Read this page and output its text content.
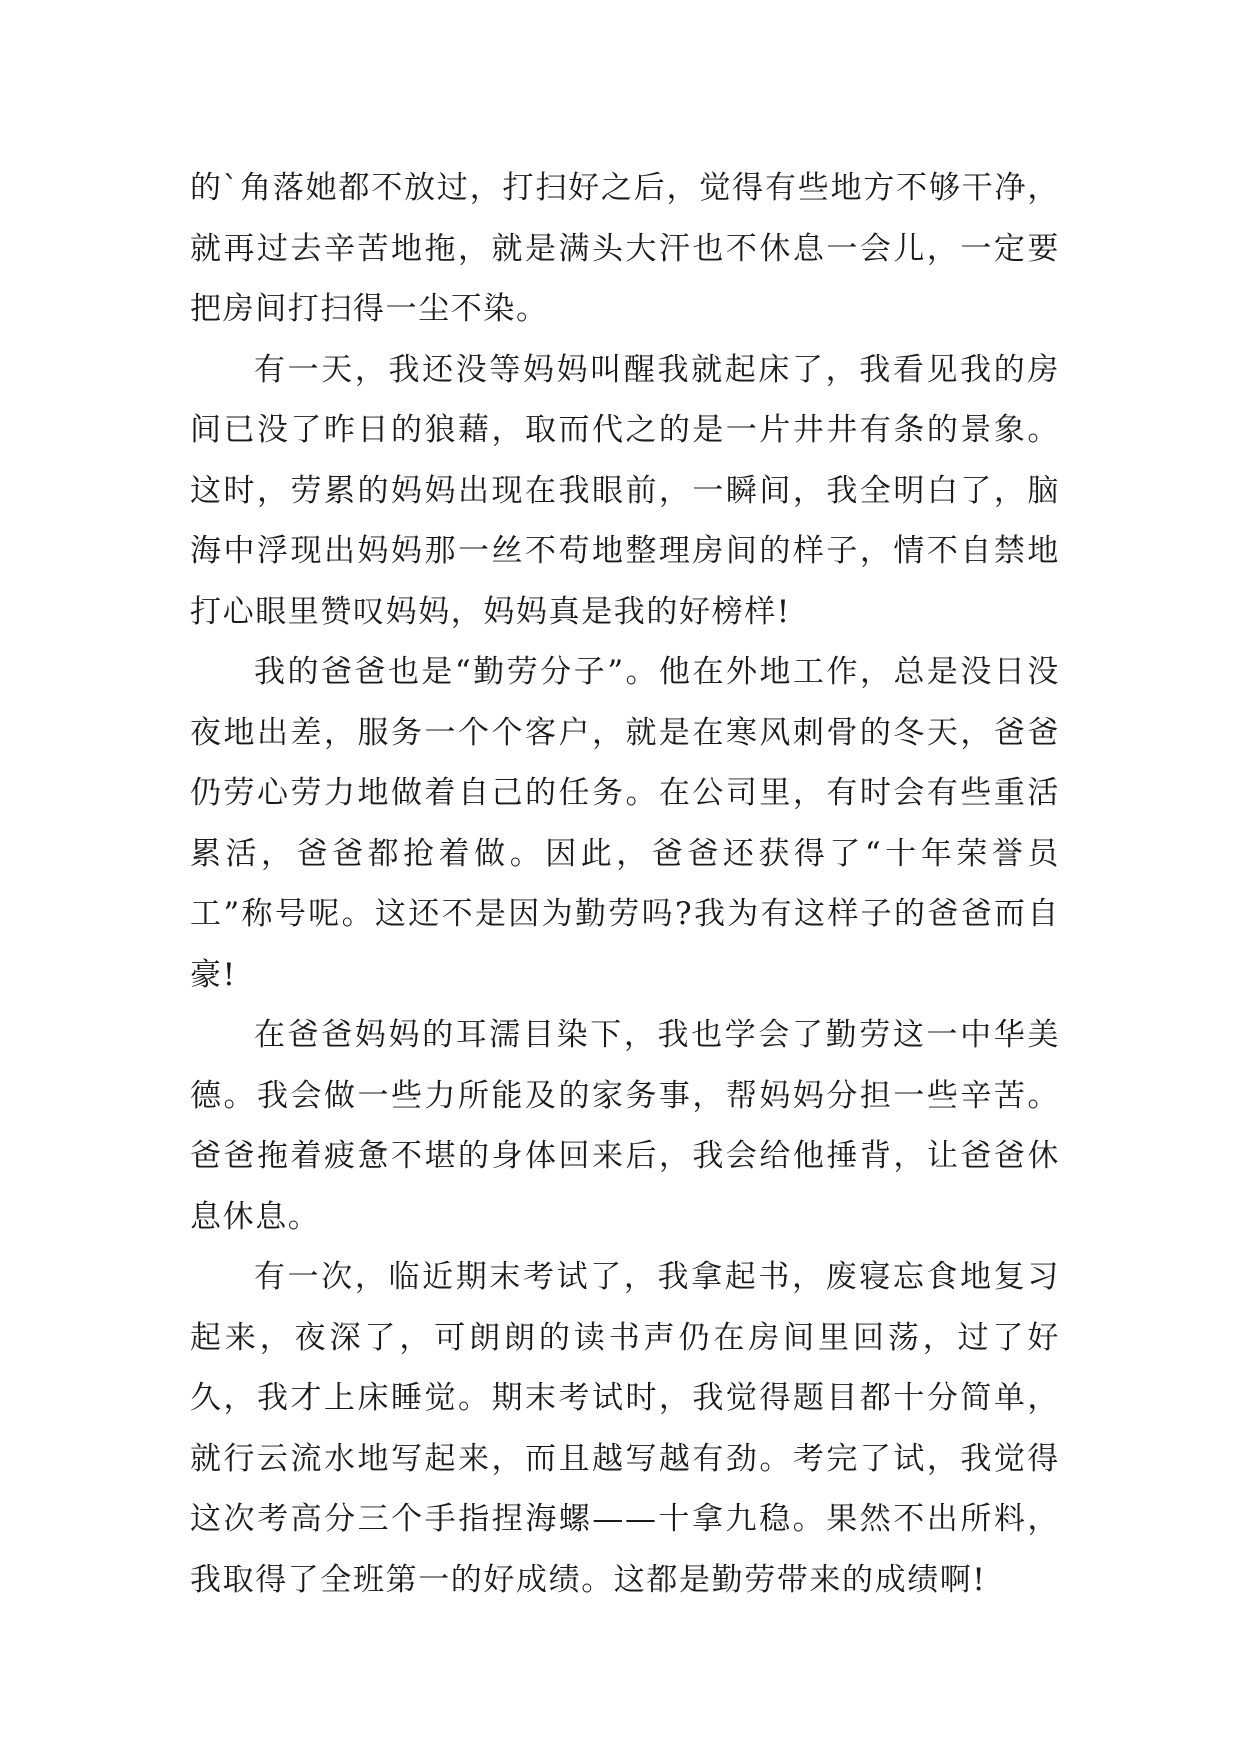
的`角落她都不放过，打扫好之后，觉得有些地方不够干净，就再过去辛苦地拖，就是满头大汗也不休息一会儿，一定要把房间打扫得一尘不染。

有一天，我还没等妈妈叫醒我就起床了，我看见我的房间已没了昨日的狼藉，取而代之的是一片井井有条的景象。这时，劳累的妈妈出现在我眼前，一瞬间，我全明白了，脑海中浮现出妈妈那一丝不苟地整理房间的样子，情不自禁地打心眼里赞叹妈妈，妈妈真是我的好榜样!

我的爸爸也是“勤劳分子”。他在外地工作，总是没日没夜地出差，服务一个个客户，就是在寒风刺骨的冬天，爸爸仍劳心劳力地做着自己的任务。在公司里，有时会有些重活累活，爸爸都抢着做。因此，爸爸还获得了“十年荣誉员工”称号呢。这还不是因为勤劳吗?我为有这样子的爸爸而自豪!

在爸爸妈妈的耳濡目染下，我也学会了勤劳这一中华美德。我会做一些力所能及的家务事，帮妈妈分担一些辛苦。爸爸拖着疲惫不堪的身体回来后，我会给他捶背，让爸爸休息休息。

有一次，临近期末考试了，我拿起书，废寝忘食地复习起来，夜深了，可朗朗的读书声仍在房间里回荡，过了好久，我才上床睡觉。期末考试时，我觉得题目都十分简单，就行云流水地写起来，而且越写越有劲。考完了试，我觉得这次考高分三个手指捏海螺——十拿九稳。果然不出所料，我取得了全班第一的好成绩。这都是勤劳带来的成绩啊!
